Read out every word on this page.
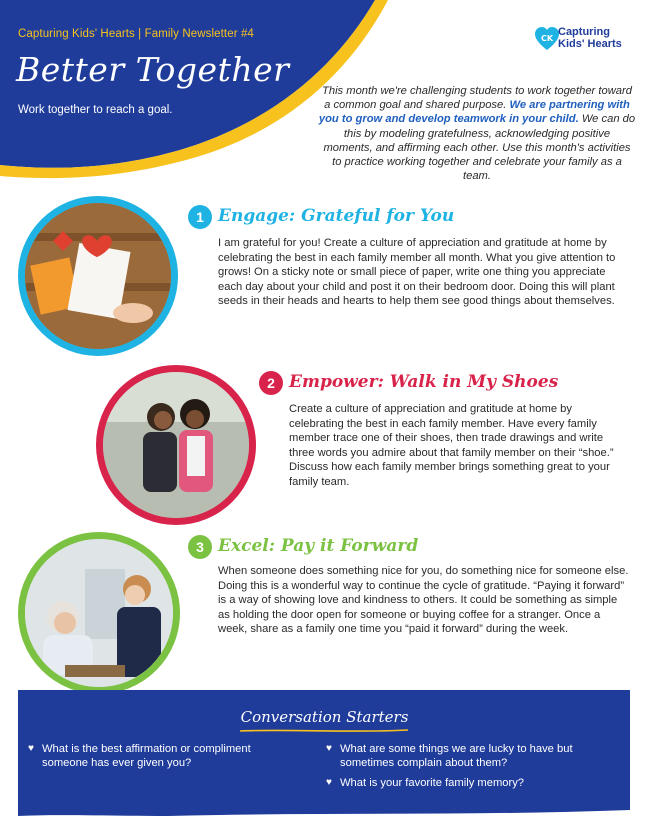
Capturing Kids' Hearts | Family Newsletter #4
Better Together
Work together to reach a goal.
CK
Capturing
Kids' Hearts
This month we're challenging students to work together toward a common goal and shared purpose. We are partnering with you to grow and develop teamwork in your child. We can do this by modeling gratefulness, acknowledging positive moments, and affirming each other. Use this month's activities to practice working together and celebrate your family as a team.
1 Engage: Grateful for You
I am grateful for you! Create a culture of appreciation and gratitude at home by celebrating the best in each family member all month. What you give attention to grows! On a sticky note or small piece of paper, write one thing you appreciate each day about your child and post it on their bedroom door. Doing this will plant seeds in their heads and hearts to help them see good things about themselves.
2 Empower: Walk in My Shoes
Create a culture of appreciation and gratitude at home by celebrating the best in each family member. Have every family member trace one of their shoes, then trade drawings and write three words you admire about that family member on their “shoe.” Discuss how each family member brings something great to your family team.
3 Excel: Pay it Forward
When someone does something nice for you, do something nice for someone else. Doing this is a wonderful way to continue the cycle of gratitude. “Paying it forward” is a way of showing love and kindness to others. It could be something as simple as holding the door open for someone or buying coffee for a stranger. Once a week, share as a family one time you “paid it forward” during the week.
Conversation Starters
♥ What is the best affirmation or compliment someone has ever given you?
♥ What are some things we are lucky to have but sometimes complain about them?
♥ What is your favorite family memory?
